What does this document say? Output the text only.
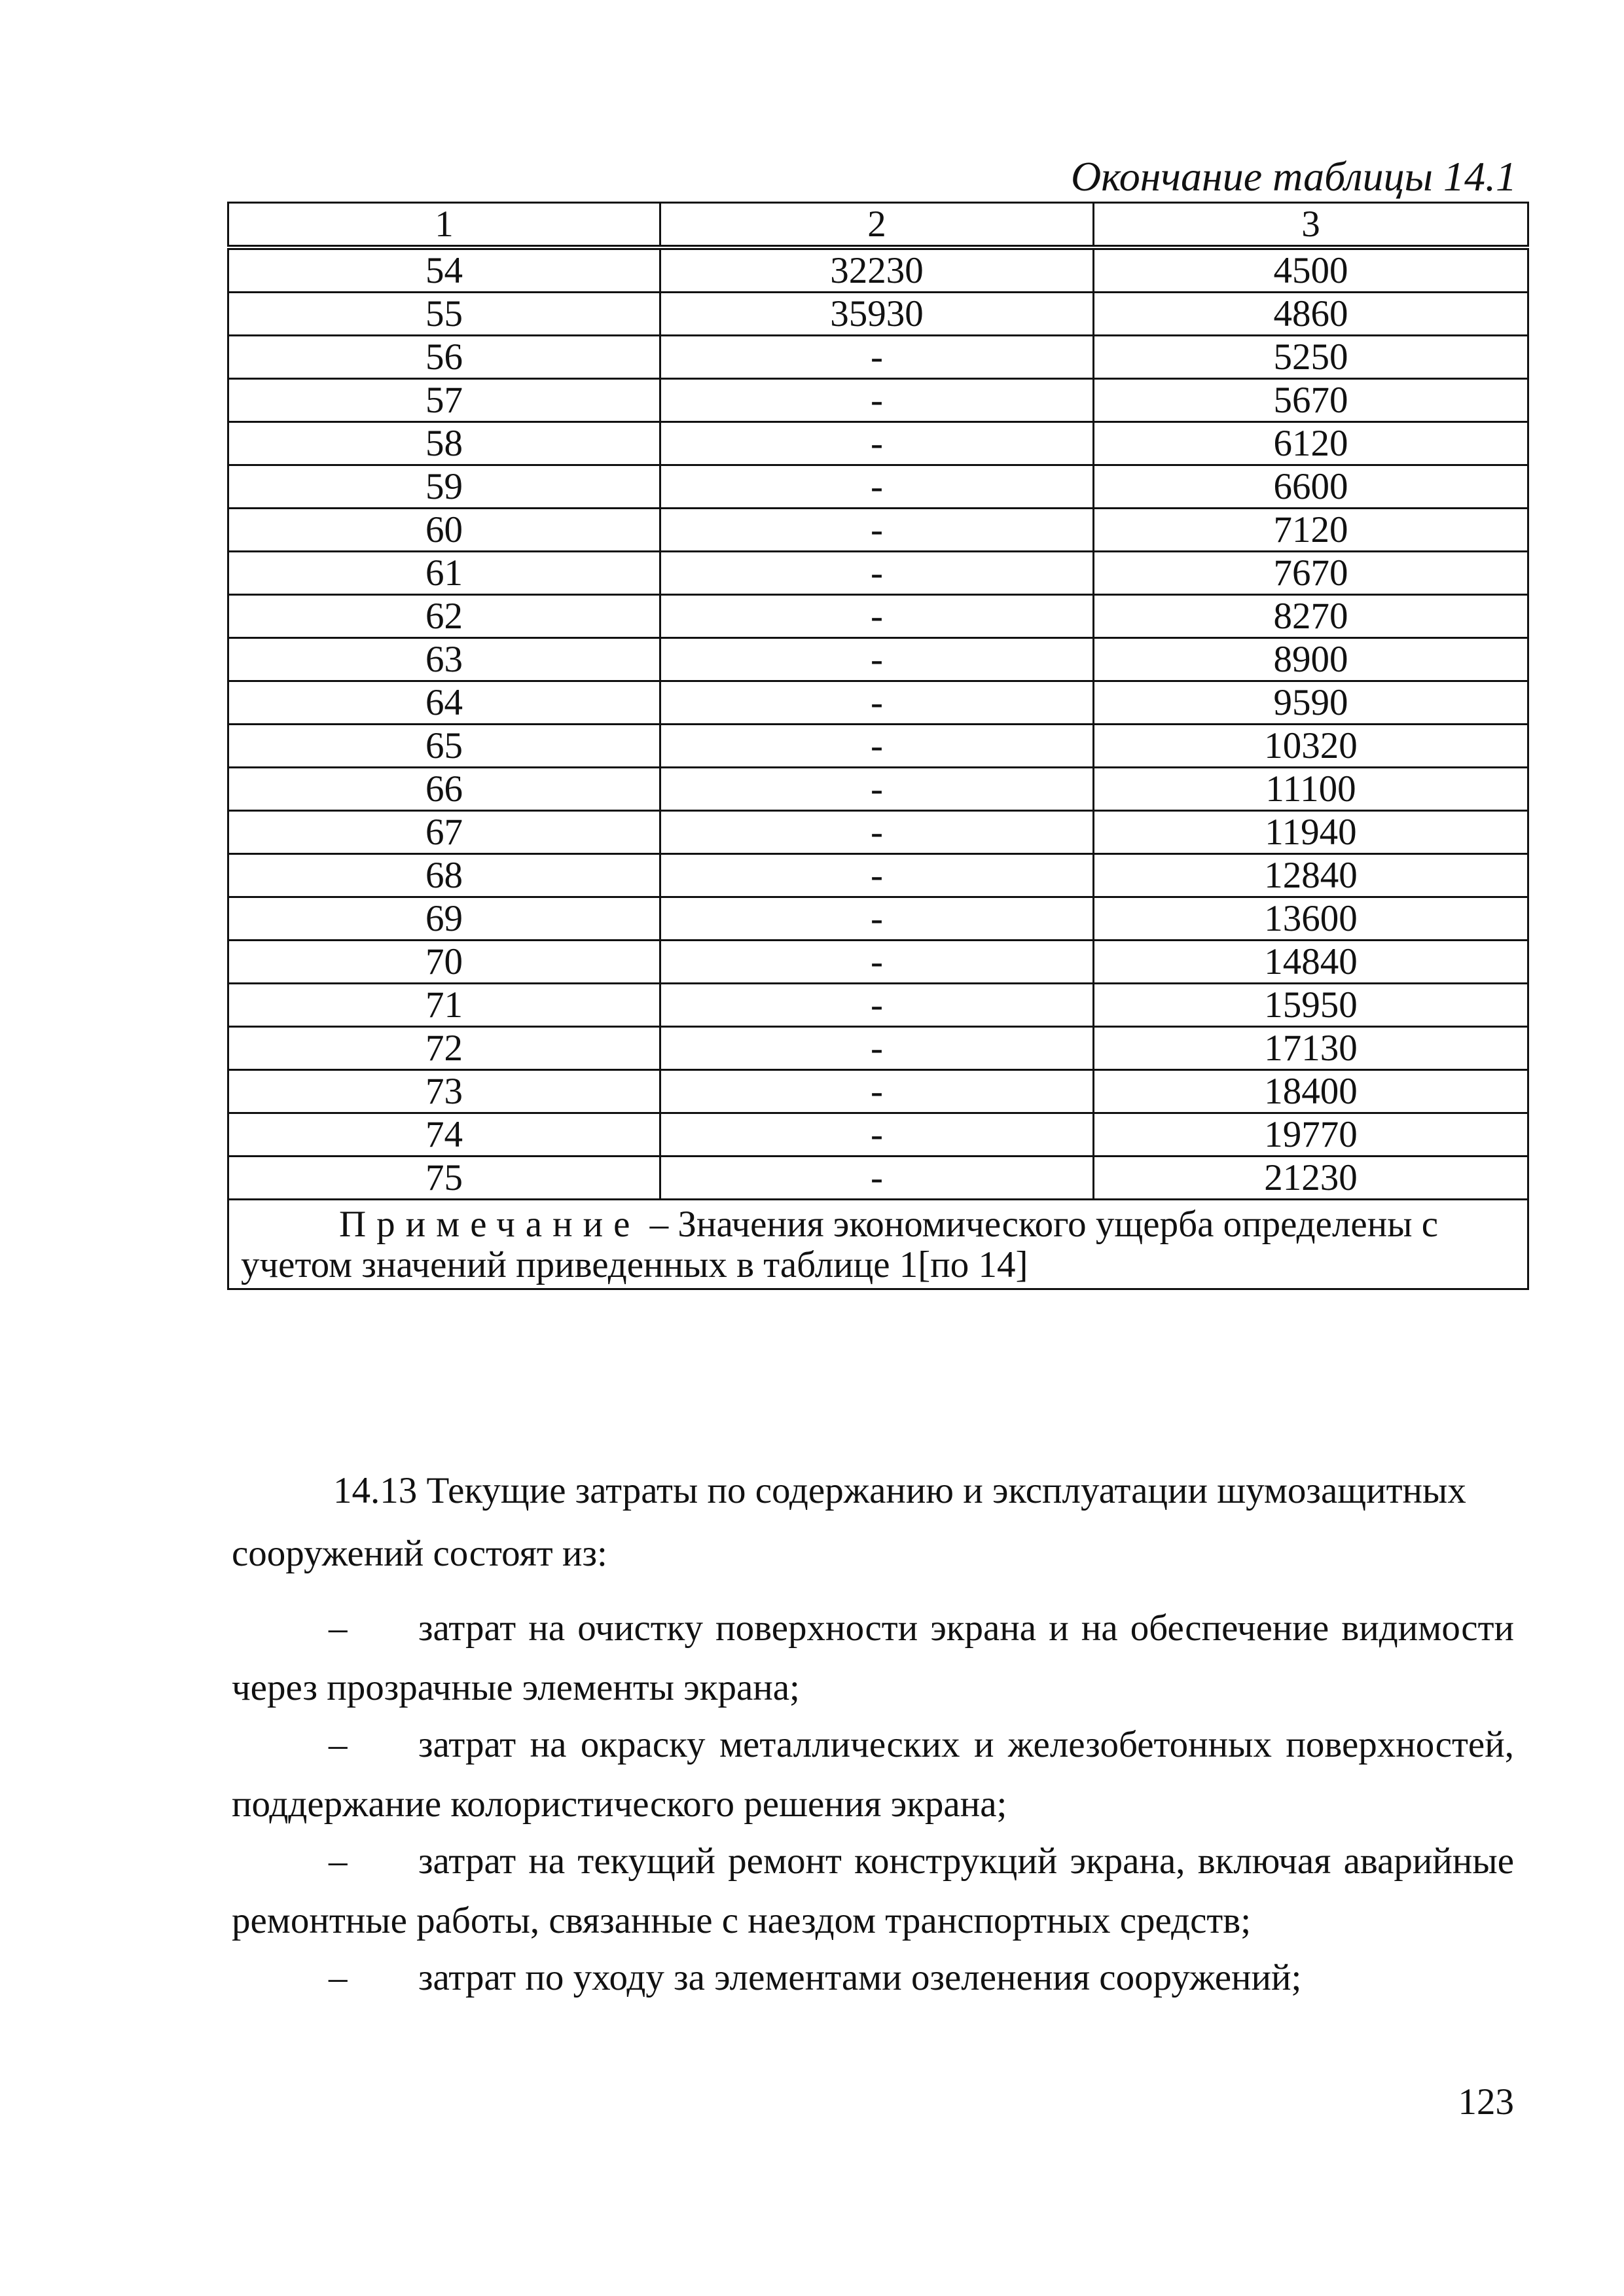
Окончание таблицы 14.1
1	2	3
54	32230	4500
55	35930	4860
56	-	5250
57	-	5670
58	-	6120
59	-	6600
60	-	7120
61	-	7670
62	-	8270
63	-	8900
64	-	9590
65	-	10320
66	-	11100
67	-	11940
68	-	12840
69	-	13600
70	-	14840
71	-	15950
72	-	17130
73	-	18400
74	-	19770
75	-	21230
Примечание – Значения экономического ущерба определены с учетом значений приведенных в таблице 1[по 14]		
14.13 Текущие затраты по содержанию и эксплуатации шумозащитных сооружений состоят из:
– затрат на очистку поверхности экрана и на обеспечение видимости через прозрачные элементы экрана;
– затрат на окраску металлических и железобетонных поверхностей, поддержание колористического решения экрана;
– затрат на текущий ремонт конструкций экрана, включая аварийные ремонтные работы, связанные с наездом транспортных средств;
– затрат по уходу за элементами озеленения сооружений;
123
